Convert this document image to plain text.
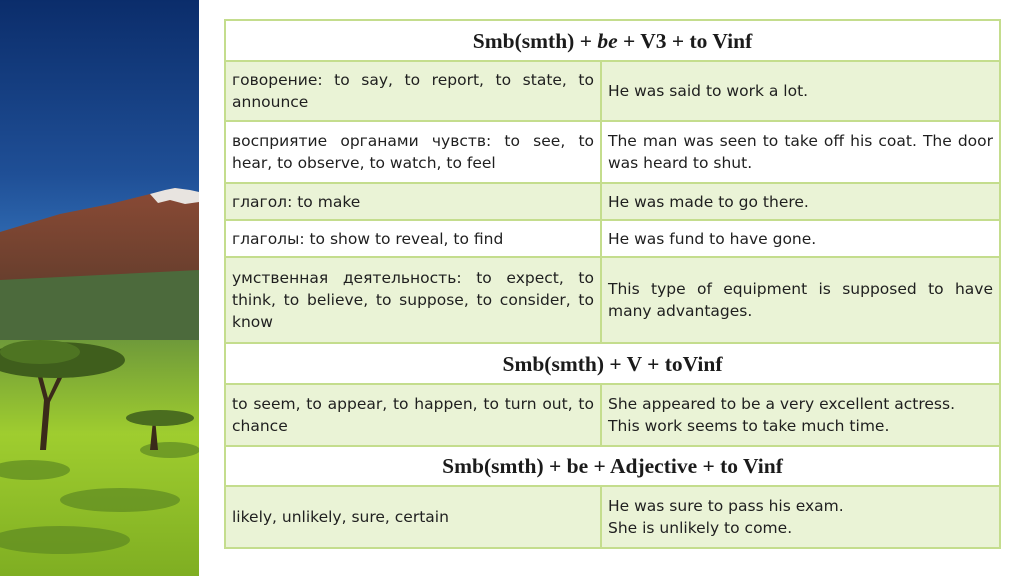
Smb(smth) + be + V3 + to Vinf	
говорение: to say, to report, to state, to announce	He was said to work a lot.
восприятие органами чувств: to see, to hear, to observe, to watch, to feel	The man was seen to take off his coat. The door was heard to shut.
глагол: to make	He was made to go there.
глаголы: to show to reveal, to find	He was fund to have gone.
умственная деятельность: to expect, to think, to believe, to suppose, to consider, to know	This type of equipment is supposed to have many advantages.
Smb(smth) + V + toVinf	
to seem, to appear, to happen, to turn out, to chance	She appeared to be a very excellent actress.
This work seems to take much time.

Smb(smth) + be + Adjective + to Vinf	
likely, unlikely, sure, certain	He was sure to pass his exam.
She is unlikely to come.
